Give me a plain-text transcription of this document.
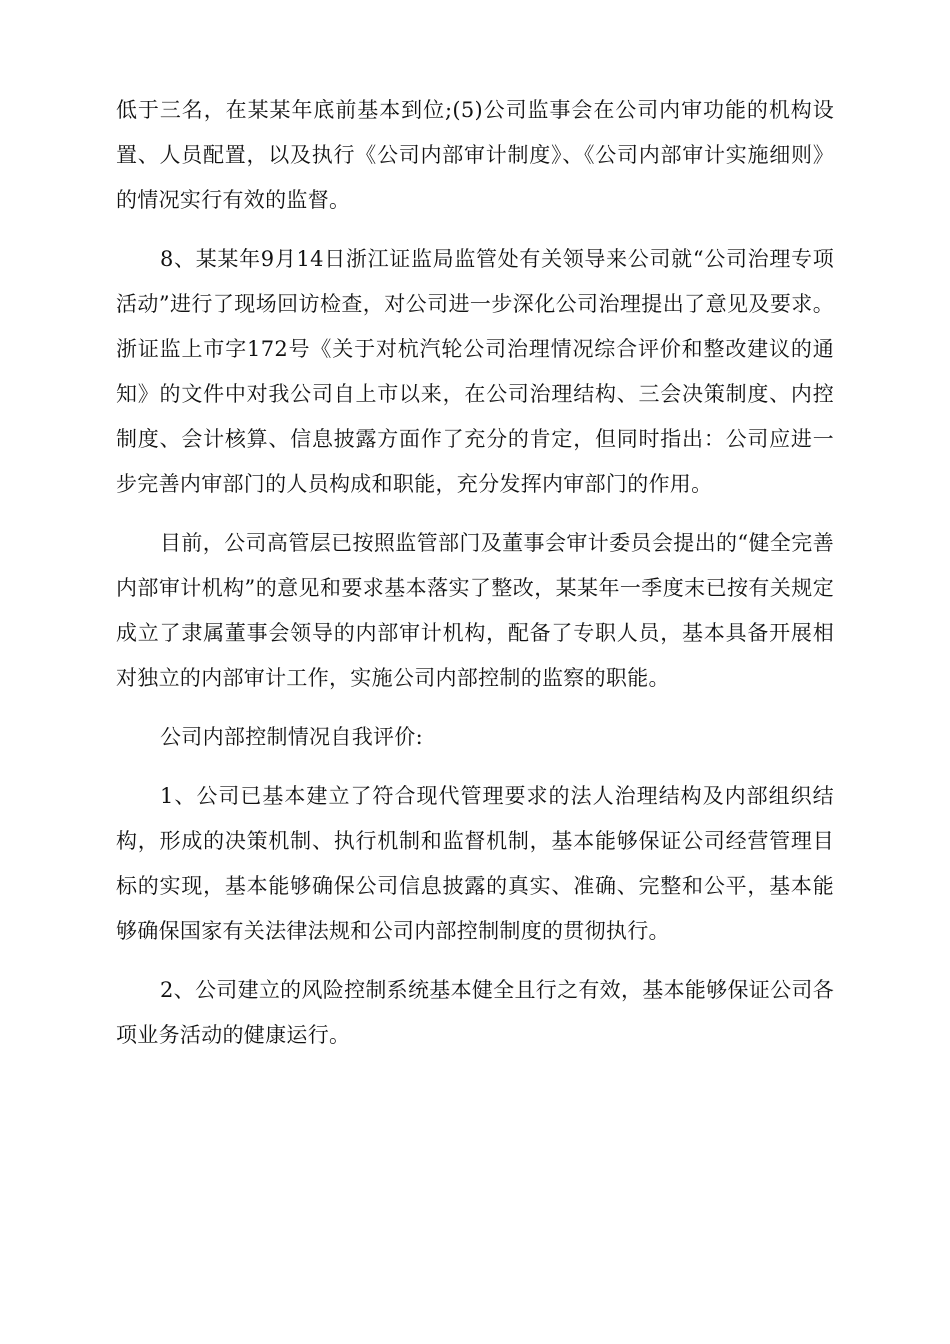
低于三名，在某某年底前基本到位;(5)公司监事会在公司内审功能的机构设置、人员配置，以及执行《公司内部审计制度》、《公司内部审计实施细则》的情况实行有效的监督。

8、某某年9月14日浙江证监局监管处有关领导来公司就“公司治理专项活动”进行了现场回访检查，对公司进一步深化公司治理提出了意见及要求。浙证监上市字172号《关于对杭汽轮公司治理情况综合评价和整改建议的通知》的文件中对我公司自上市以来，在公司治理结构、三会决策制度、内控制度、会计核算、信息披露方面作了充分的肯定，但同时指出：公司应进一步完善内审部门的人员构成和职能，充分发挥内审部门的作用。

目前，公司高管层已按照监管部门及董事会审计委员会提出的“健全完善内部审计机构”的意见和要求基本落实了整改，某某年一季度末已按有关规定成立了隶属董事会领导的内部审计机构，配备了专职人员，基本具备开展相对独立的内部审计工作，实施公司内部控制的监察的职能。

公司内部控制情况自我评价:

1、公司已基本建立了符合现代管理要求的法人治理结构及内部组织结构，形成的决策机制、执行机制和监督机制，基本能够保证公司经营管理目标的实现，基本能够确保公司信息披露的真实、准确、完整和公平，基本能够确保国家有关法律法规和公司内部控制制度的贯彻执行。

2、公司建立的风险控制系统基本健全且行之有效，基本能够保证公司各项业务活动的健康运行。
